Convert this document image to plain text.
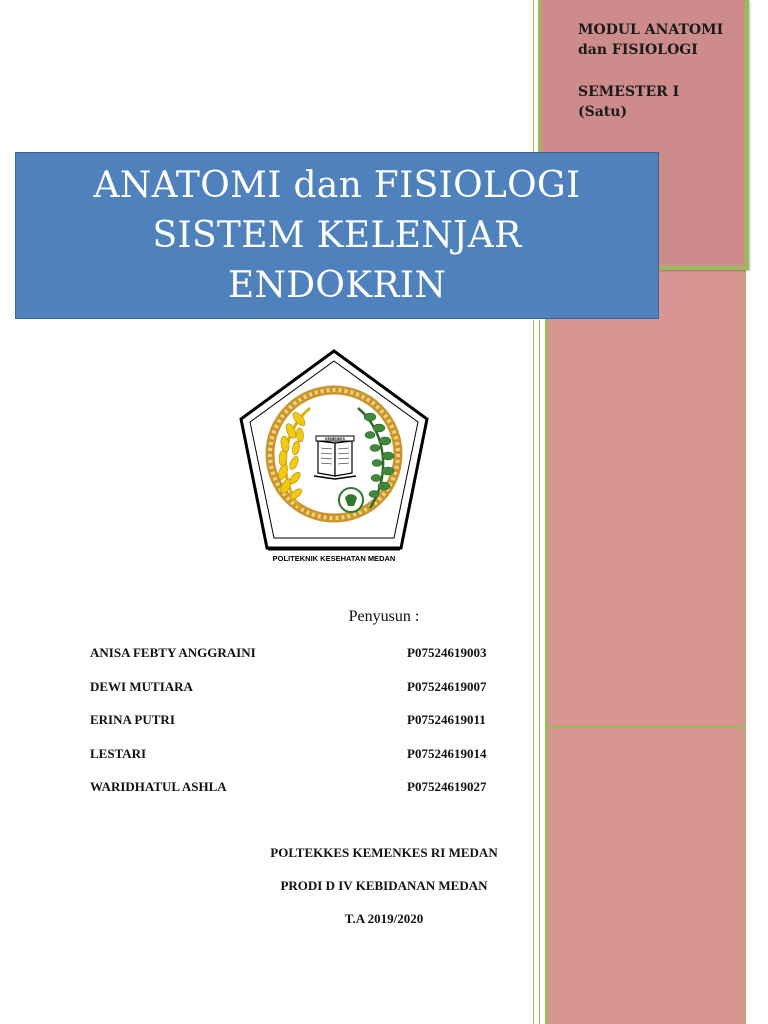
MODUL ANATOMI
dan FISIOLOGI
SEMESTER I
(Satu)
ANATOMI dan FISIOLOGI
SISTEM KELENJAR
ENDOKRIN
KEMENKES
POLITEKNIK KESEHATAN MEDAN
Penyusun :
ANISA FEBTY ANGGRAINI	P07524619003
DEWI MUTIARA	P07524619007
ERINA PUTRI	P07524619011
LESTARI	P07524619014
WARIDHATUL ASHLA	P07524619027
POLTEKKES KEMENKES RI MEDAN
PRODI D IV KEBIDANAN MEDAN
T.A 2019/2020
